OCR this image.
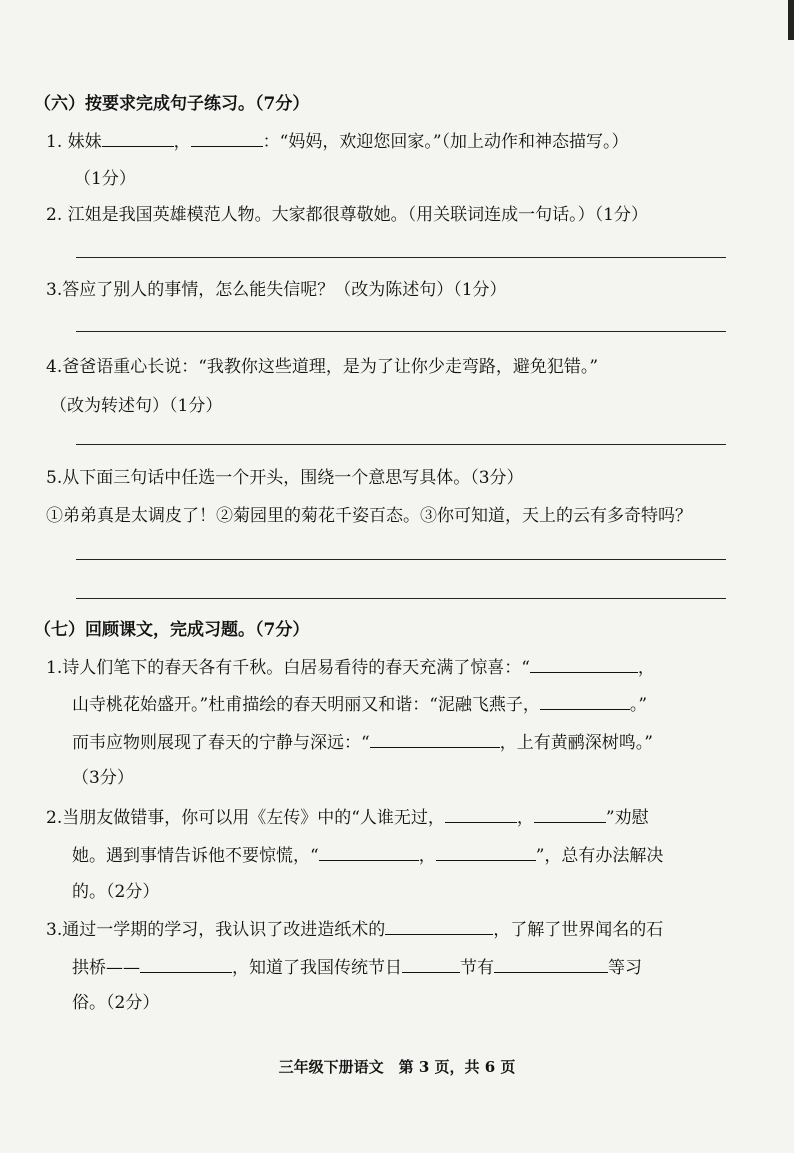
（六）按要求完成句子练习。（7分）
1. 妹妹	，	：“妈妈，欢迎您回家。”（加上动作和神态描写。）
（1分）
2. 江姐是我国英雄模范人物。大家都很尊敬她。（用关联词连成一句话。）（1分）
3.答应了别人的事情，怎么能失信呢？（改为陈述句）（1分）
4.爸爸语重心长说：“我教你这些道理，是为了让你少走弯路，避免犯错。”
（改为转述句）（1分）
5.从下面三句话中任选一个开头，围绕一个意思写具体。（3分）
①弟弟真是太调皮了！②菊园里的菊花千姿百态。③你可知道，天上的云有多奇特吗？
（七）回顾课文，完成习题。（7分）
1.诗人们笔下的春天各有千秋。白居易看待的春天充满了惊喜：“	，
山寺桃花始盛开。”杜甫描绘的春天明丽又和谐：“泥融飞燕子，	。”
而韦应物则展现了春天的宁静与深远：“	，上有黄鹂深树鸣。”
（3分）
2.当朋友做错事，你可以用《左传》中的“人谁无过，	，	”劝慰
她。遇到事情告诉他不要惊慌，“	，	”，总有办法解决
的。（2分）
3.通过一学期的学习，我认识了改进造纸术的	，了解了世界闻名的石
拱桥——	，知道了我国传统节日	节有	等习
俗。（2分）
三年级下册语文　第 3 页，共 6 页
